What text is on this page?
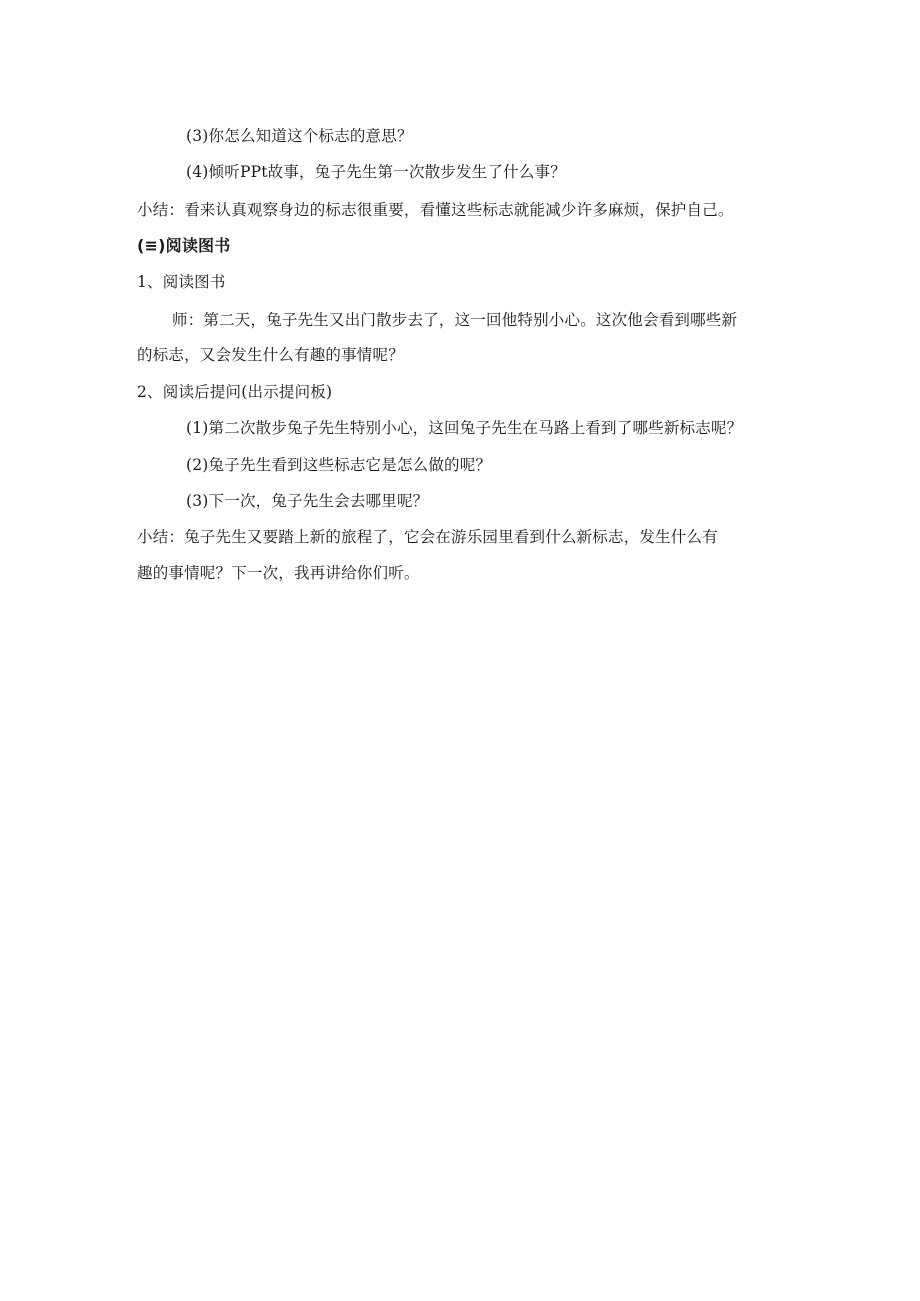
(3)你怎么知道这个标志的意思？
(4)倾听PPt故事，兔子先生第一次散步发生了什么事？
小结：看来认真观察身边的标志很重要，看懂这些标志就能减少许多麻烦，保护自己。
(≡)阅读图书
1、阅读图书
师：第二天，兔子先生又出门散步去了，这一回他特别小心。这次他会看到哪些新
的标志，又会发生什么有趣的事情呢？
2、阅读后提问(出示提问板)
(1)第二次散步兔子先生特别小心，这回兔子先生在马路上看到了哪些新标志呢？
(2)兔子先生看到这些标志它是怎么做的呢？
(3)下一次，兔子先生会去哪里呢？
小结：兔子先生又要踏上新的旅程了，它会在游乐园里看到什么新标志，发生什么有
趣的事情呢？下一次，我再讲给你们听。
